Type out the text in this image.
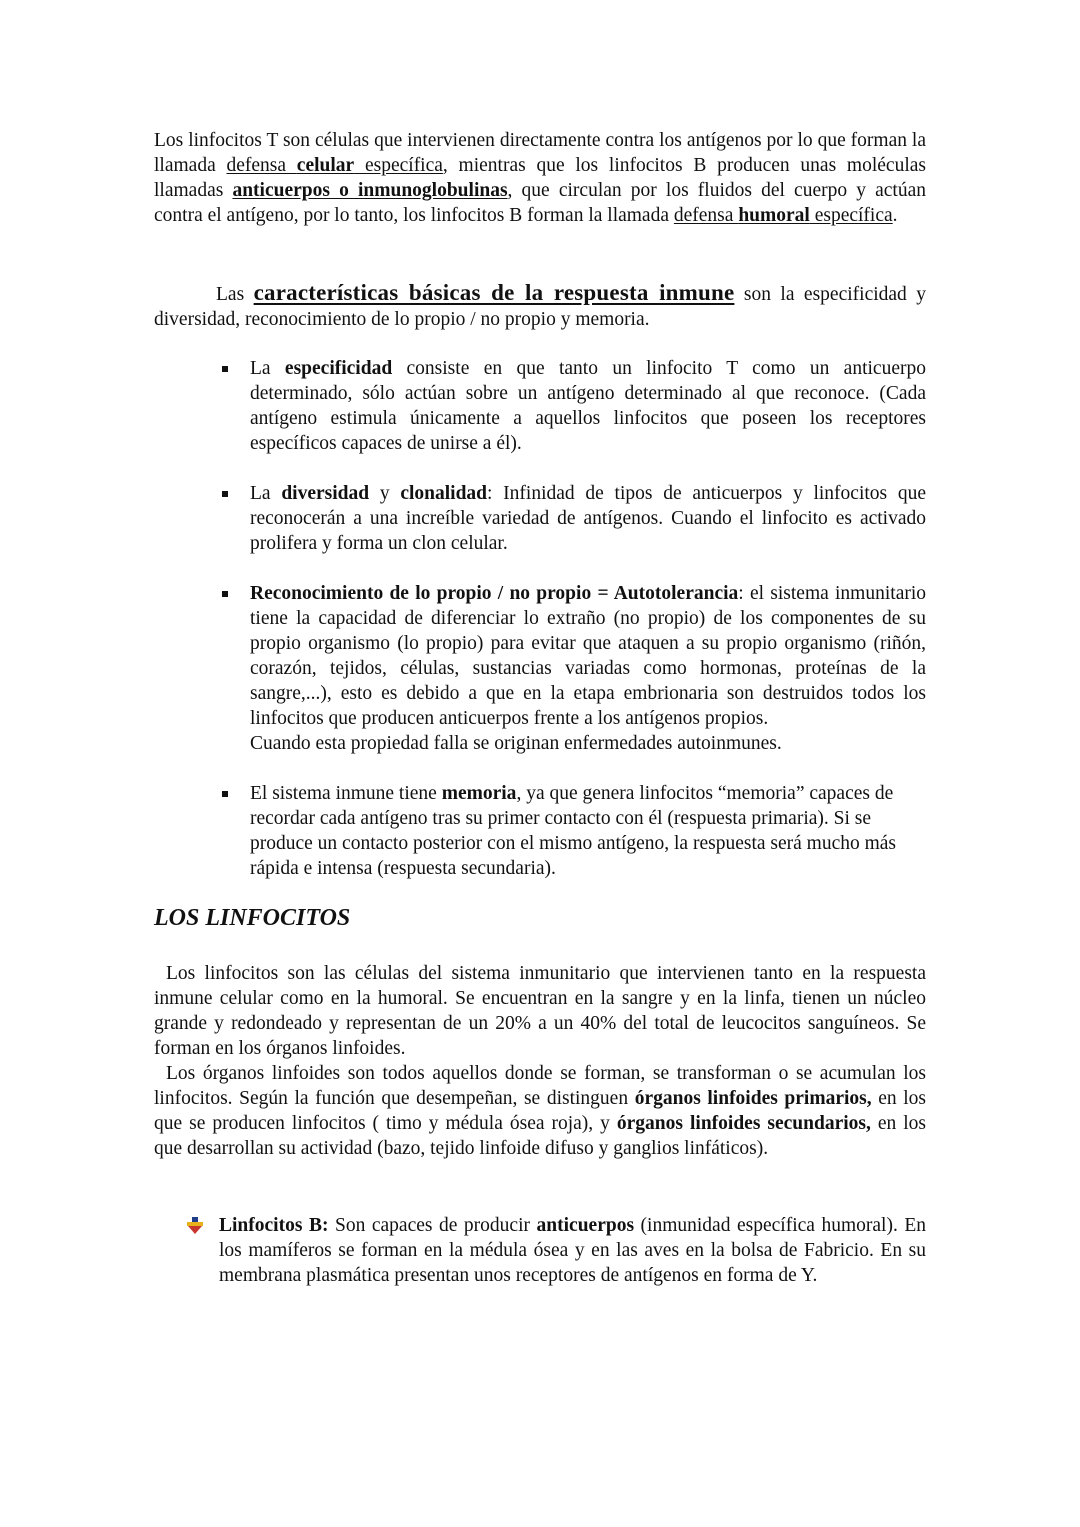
Los linfocitos T son células que intervienen directamente contra los antígenos por lo que forman la llamada defensa celular específica, mientras que los linfocitos B producen unas moléculas llamadas anticuerpos o inmunoglobulinas, que circulan por los fluidos del cuerpo y actúan contra el antígeno, por lo tanto, los linfocitos B forman la llamada defensa humoral específica.

Las características básicas de la respuesta inmune son la especificidad y diversidad, reconocimiento de lo propio / no propio y memoria.

La especificidad consiste en que tanto un linfocito T como un anticuerpo determinado, sólo actúan sobre un antígeno determinado al que reconoce. (Cada antígeno estimula únicamente a aquellos linfocitos que poseen los receptores específicos capaces de unirse a él).

La diversidad y clonalidad: Infinidad de tipos de anticuerpos y linfocitos que reconocerán a una increíble variedad de antígenos. Cuando el linfocito es activado prolifera y forma un clon celular.

Reconocimiento de lo propio / no propio = Autotolerancia: el sistema inmunitario tiene la capacidad de diferenciar lo extraño (no propio) de los componentes de su propio organismo (lo propio) para evitar que ataquen a su propio organismo (riñón, corazón, tejidos, células, sustancias variadas como hormonas, proteínas de la sangre,...), esto es debido a que en la etapa embrionaria son destruidos todos los linfocitos que producen anticuerpos frente a los antígenos propios.

Cuando esta propiedad falla se originan enfermedades autoinmunes.

El sistema inmune tiene memoria, ya que genera linfocitos “memoria” capaces de recordar cada antígeno tras su primer contacto con él (respuesta primaria). Si se produce un contacto posterior con el mismo antígeno, la respuesta será mucho más rápida e intensa (respuesta secundaria).

LOS LINFOCITOS

Los linfocitos son las células del sistema inmunitario que intervienen tanto en la respuesta inmune celular como en la humoral. Se encuentran en la sangre y en la linfa, tienen un núcleo grande y redondeado y representan de un 20% a un 40% del total de leucocitos sanguíneos. Se forman en los órganos linfoides.

Los órganos linfoides son todos aquellos donde se forman, se transforman o se acumulan los linfocitos. Según la función que desempeñan, se distinguen órganos linfoides primarios, en los que se producen linfocitos ( timo y médula ósea roja), y órganos linfoides secundarios, en los que desarrollan su actividad (bazo, tejido linfoide difuso y ganglios linfáticos).

Linfocitos B: Son capaces de producir anticuerpos (inmunidad específica humoral). En los mamíferos se forman en la médula ósea y en las aves en la bolsa de Fabricio. En su membrana plasmática presentan unos receptores de antígenos en forma de Y.
